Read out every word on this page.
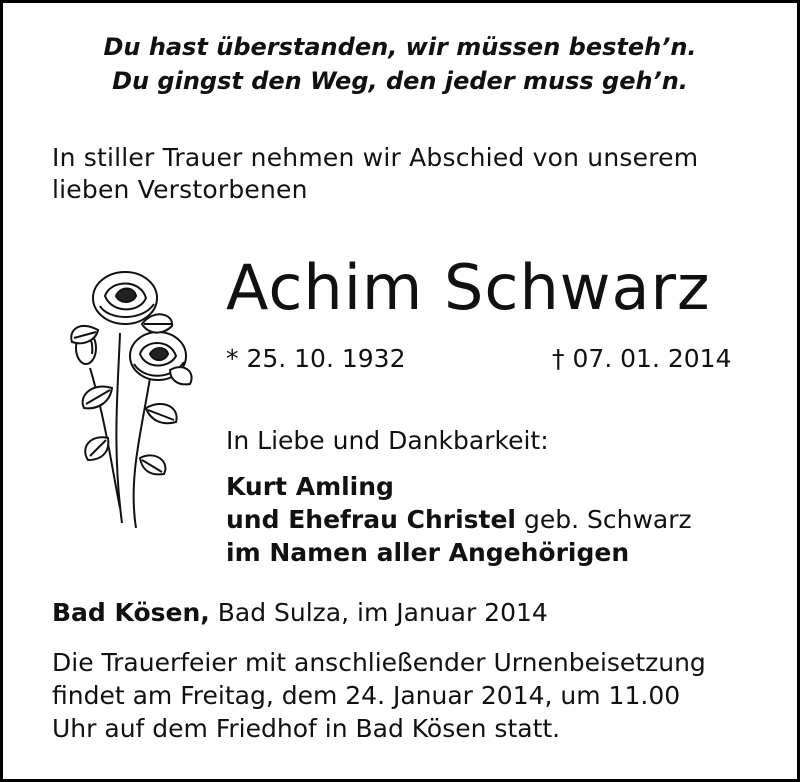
Du hast überstanden, wir müssen besteh’n.
Du gingst den Weg, den jeder muss geh’n.
In stiller Trauer nehmen wir Abschied von unserem
lieben Verstorbenen
Achim Schwarz
* 25. 10. 1932	† 07. 01. 2014
In Liebe und Dankbarkeit:
Kurt Amling
und Ehefrau Christel geb. Schwarz
im Namen aller Angehörigen
Bad Kösen, Bad Sulza, im Januar 2014
Die Trauerfeier mit anschließender Urnenbeisetzung
findet am Freitag, dem 24. Januar 2014, um 11.00
Uhr auf dem Friedhof in Bad Kösen statt.
